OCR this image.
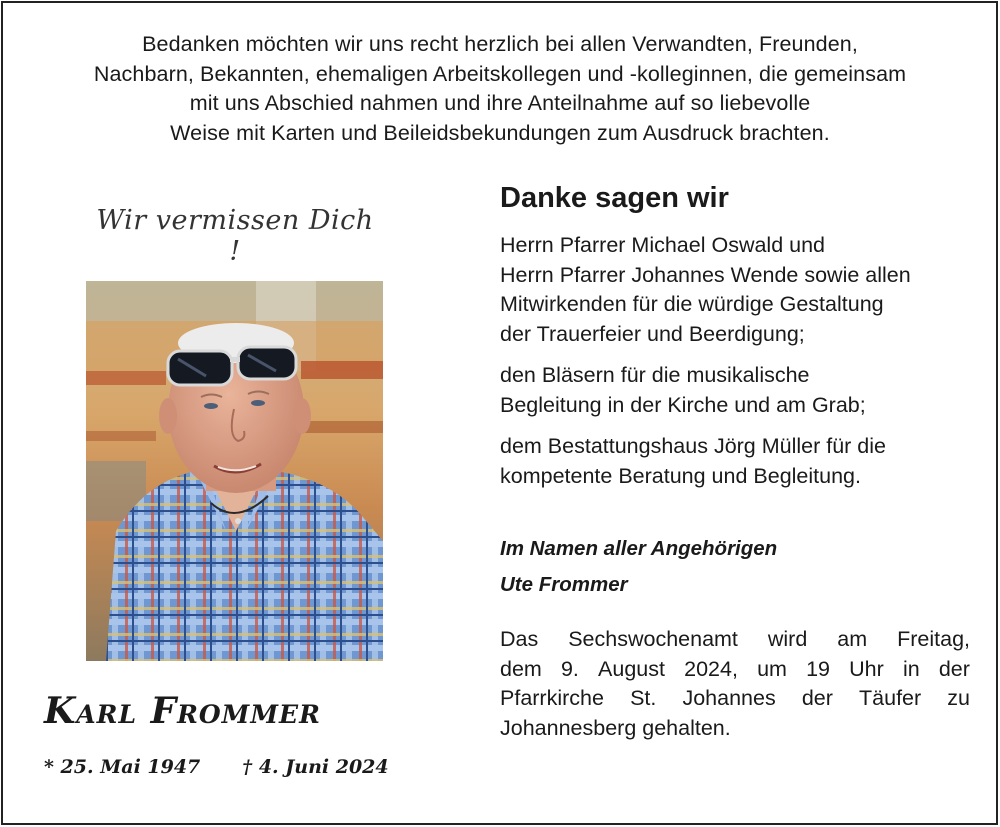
Bedanken möchten wir uns recht herzlich bei allen Verwandten, Freunden,
Nachbarn, Bekannten, ehemaligen Arbeitskollegen und -kolleginnen, die gemeinsam
mit uns Abschied nahmen und ihre Anteilnahme auf so liebevolle
Weise mit Karten und Beileidsbekundungen zum Ausdruck brachten.
Wir vermissen Dich !
Karl Frommer
* 25. Mai 1947 † 4. Juni 2024
Danke sagen wir
Herrn Pfarrer Michael Oswald und
Herrn Pfarrer Johannes Wende sowie allen
Mitwirkenden für die würdige Gestaltung
der Trauerfeier und Beerdigung;
den Bläsern für die musikalische
Begleitung in der Kirche und am Grab;
dem Bestattungshaus Jörg Müller für die
kompetente Beratung und Begleitung.
Im Namen aller Angehörigen
Ute Frommer
Das Sechswochenamt wird am Freitag,
dem 9. August 2024, um 19 Uhr in der
Pfarrkirche St. Johannes der Täufer zu
Johannesberg gehalten.
